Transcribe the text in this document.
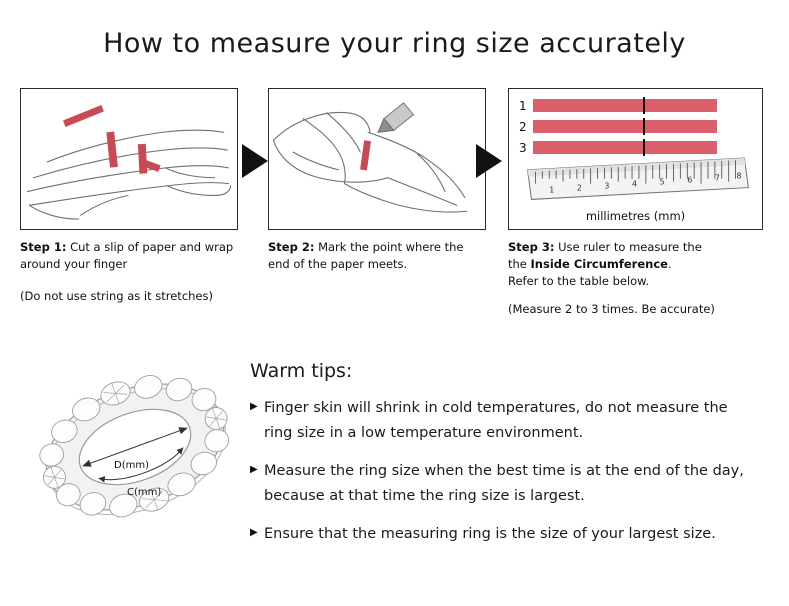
How to measure your ring size accurately
Step 1: Cut a slip of paper and wrap around your finger
(Do not use string as it stretches)
Step 2: Mark the point where the end of the paper meets.
1
2
3
1	2	3	4	5	6	7 8
millimetres (mm)
Step 3: Use ruler to measure the
the Inside Circumference.
Refer to the table below.
(Measure 2 to 3 times. Be accurate)
D(mm)
C(mm)
Warm tips:
▶ Finger skin will shrink in cold temperatures, do not measure the ring size in a low temperature environment.
▶ Measure the ring size when the best time is at the end of the day, because at that time the ring size is largest.
▶ Ensure that the measuring ring is the size of your largest size.
